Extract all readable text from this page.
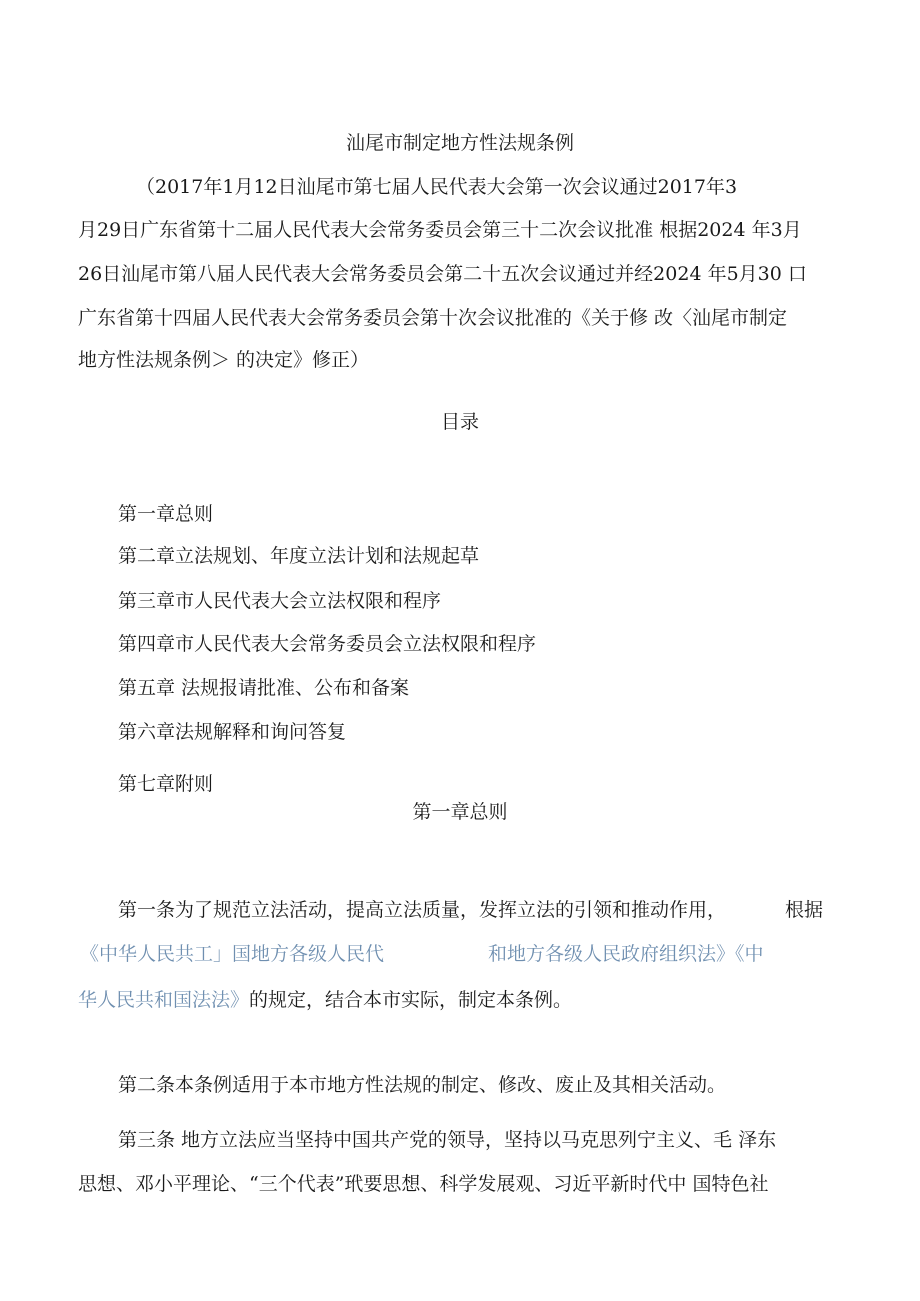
汕尾市制定地方性法规条例
（2017年1月12日汕尾市第七届人民代表大会第一次会议通过2017年3
月29日广东省第十二届人民代表大会常务委员会第三十二次会议批准 根据2024 年3月
26日汕尾市第八届人民代表大会常务委员会第二十五次会议通过并经2024 年5月30 口
广东省第十四届人民代表大会常务委员会第十次会议批准的《关于修 改〈汕尾市制定
地方性法规条例＞ 的决定》修正）
目录
第一章总则
第二章立法规划、年度立法计划和法规起草
第三章市人民代表大会立法权限和程序
第四章市人民代表大会常务委员会立法权限和程序
第五章 法规报请批准、公布和备案
第六章法规解释和询问答复
第七章附则
第一章总则
第一条为了规范立法活动，提高立法质量，发挥立法的引领和推动作用，	根据
《中华人民共工」国地方各级人民代	和地方各级人民政府组织法》《中
华人民共和国法法》的规定，结合本市实际，制定本条例。
第二条本条例适用于本市地方性法规的制定、修改、废止及其相关活动。
第三条 地方立法应当坚持中国共产党的领导，坚持以马克思列宁主义、毛 泽东
思想、邓小平理论、“三个代表”玳要思想、科学发展观、习近平新时代中 国特色社
